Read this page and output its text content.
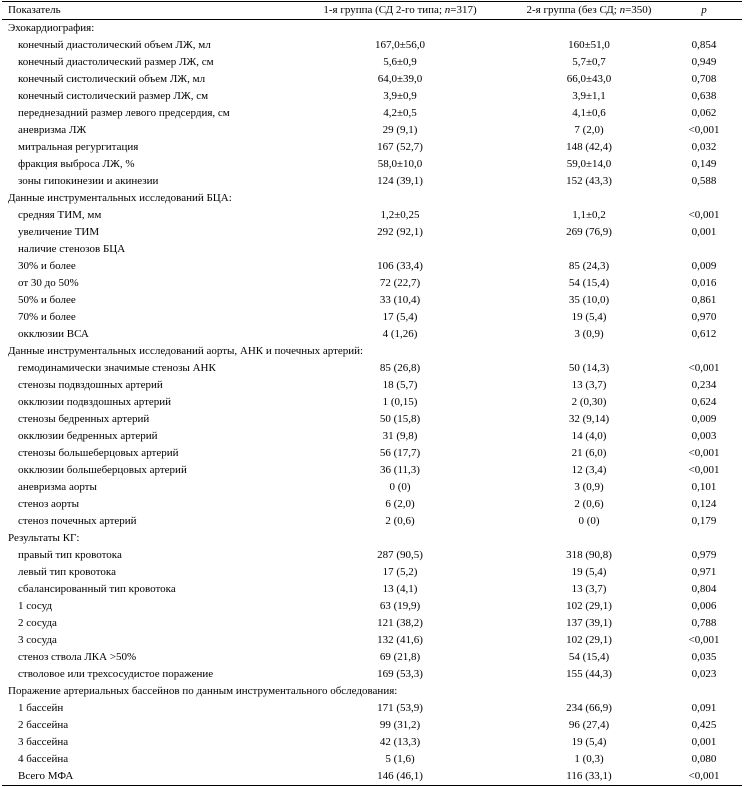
Показатель	1-я группа (СД 2-го типа; n=317)	2-я группа (без СД; n=350)	p
Эхокардиография:			
конечный диастолический объем ЛЖ, мл	167,0±56,0	160±51,0	0,854
конечный диастолический размер ЛЖ, см	5,6±0,9	5,7±0,7	0,949
конечный систолический объем ЛЖ, мл	64,0±39,0	66,0±43,0	0,708
конечный систолический размер ЛЖ, см	3,9±0,9	3,9±1,1	0,638
переднезадний размер левого предсердия, см	4,2±0,5	4,1±0,6	0,062
аневризма ЛЖ	29 (9,1)	7 (2,0)	<0,001
митральная регургитация	167 (52,7)	148 (42,4)	0,032
фракция выброса ЛЖ, %	58,0±10,0	59,0±14,0	0,149
зоны гипокинезии и акинезии	124 (39,1)	152 (43,3)	0,588
Данные инструментальных исследований БЦА:			
средняя ТИМ, мм	1,2±0,25	1,1±0,2	<0,001
увеличение ТИМ	292 (92,1)	269 (76,9)	0,001
наличие стенозов БЦА			
30% и более	106 (33,4)	85 (24,3)	0,009
от 30 до 50%	72 (22,7)	54 (15,4)	0,016
50% и более	33 (10,4)	35 (10,0)	0,861
70% и более	17 (5,4)	19 (5,4)	0,970
окклюзии ВСА	4 (1,26)	3 (0,9)	0,612
Данные инструментальных исследований аорты, АНК и почечных артерий:			
гемодинамически значимые стенозы АНК	85 (26,8)	50 (14,3)	<0,001
стенозы подвздошных артерий	18 (5,7)	13 (3,7)	0,234
окклюзии подвздошных артерий	1 (0,15)	2 (0,30)	0,624
стенозы бедренных артерий	50 (15,8)	32 (9,14)	0,009
окклюзии бедренных артерий	31 (9,8)	14 (4,0)	0,003
стенозы большеберцовых артерий	56 (17,7)	21 (6,0)	<0,001
окклюзии большеберцовых артерий	36 (11,3)	12 (3,4)	<0,001
аневризма аорты	0 (0)	3 (0,9)	0,101
стеноз аорты	6 (2,0)	2 (0,6)	0,124
стеноз почечных артерий	2 (0,6)	0 (0)	0,179
Результаты КГ:			
правый тип кровотока	287 (90,5)	318 (90,8)	0,979
левый тип кровотока	17 (5,2)	19 (5,4)	0,971
сбалансированный тип кровотока	13 (4,1)	13 (3,7)	0,804
1 сосуд	63 (19,9)	102 (29,1)	0,006
2 сосуда	121 (38,2)	137 (39,1)	0,788
3 сосуда	132 (41,6)	102 (29,1)	<0,001
стеноз ствола ЛКА >50%	69 (21,8)	54 (15,4)	0,035
стволовое или трехсосудистое поражение	169 (53,3)	155 (44,3)	0,023
Поражение артериальных бассейнов по данным инструментального обследования:			
1 бассейн	171 (53,9)	234 (66,9)	0,091
2 бассейна	99 (31,2)	96 (27,4)	0,425
3 бассейна	42 (13,3)	19 (5,4)	0,001
4 бассейна	5 (1,6)	1 (0,3)	0,080
Всего МФА	146 (46,1)	116 (33,1)	<0,001
